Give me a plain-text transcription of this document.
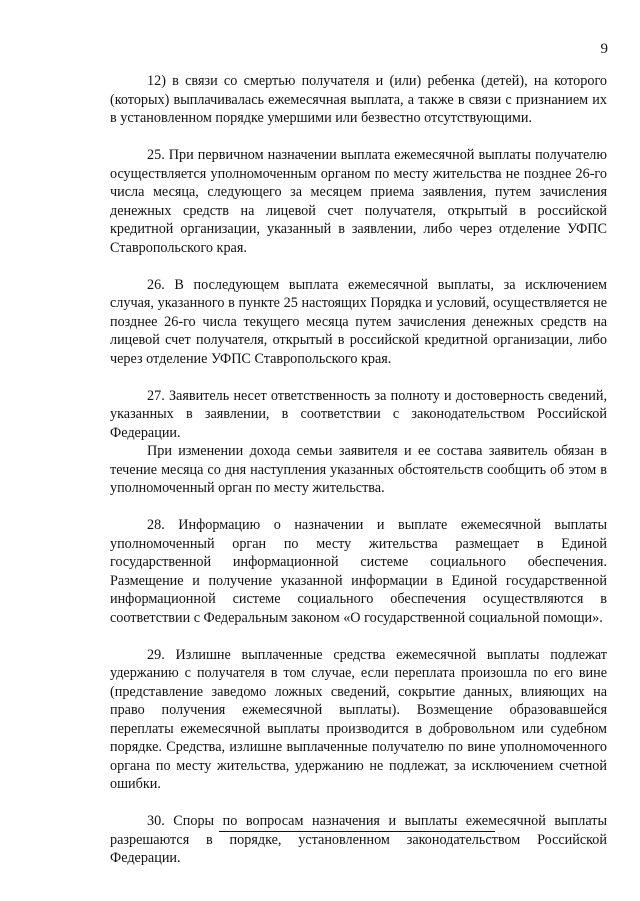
9

12) в связи со смертью получателя и (или) ребенка (детей), на которого (которых) выплачивалась ежемесячная выплата, а также в связи с признанием их в установленном порядке умершими или безвестно отсутствующими.

25. При первичном назначении выплата ежемесячной выплаты получателю осуществляется уполномоченным органом по месту жительства не позднее 26-го числа месяца, следующего за месяцем приема заявления, путем зачисления денежных средств на лицевой счет получателя, открытый в российской кредитной организации, указанный в заявлении, либо через отделение УФПС Ставропольского края.

26. В последующем выплата ежемесячной выплаты, за исключением случая, указанного в пункте 25 настоящих Порядка и условий, осуществляется не позднее 26-го числа текущего месяца путем зачисления денежных средств на лицевой счет получателя, открытый в российской кредитной организации, либо через отделение УФПС Ставропольского края.

27. Заявитель несет ответственность за полноту и достоверность сведений, указанных в заявлении, в соответствии с законодательством Российской Федерации.

При изменении дохода семьи заявителя и ее состава заявитель обязан в течение месяца со дня наступления указанных обстоятельств сообщить об этом в уполномоченный орган по месту жительства.

28. Информацию о назначении и выплате ежемесячной выплаты уполномоченный орган по месту жительства размещает в Единой государственной информационной системе социального обеспечения. Размещение и получение указанной информации в Единой государственной информационной системе социального обеспечения осуществляются в соответствии с Федеральным законом «О государственной социальной помощи».

29. Излишне выплаченные средства ежемесячной выплаты подлежат удержанию с получателя в том случае, если переплата произошла по его вине (представление заведомо ложных сведений, сокрытие данных, влияющих на право получения ежемесячной выплаты). Возмещение образовавшейся переплаты ежемесячной выплаты производится в добровольном или судебном порядке. Средства, излишне выплаченные получателю по вине уполномоченного органа по месту жительства, удержанию не подлежат, за исключением счетной ошибки.

30. Споры по вопросам назначения и выплаты ежемесячной выплаты разрешаются в порядке, установленном законодательством Российской Федерации.
